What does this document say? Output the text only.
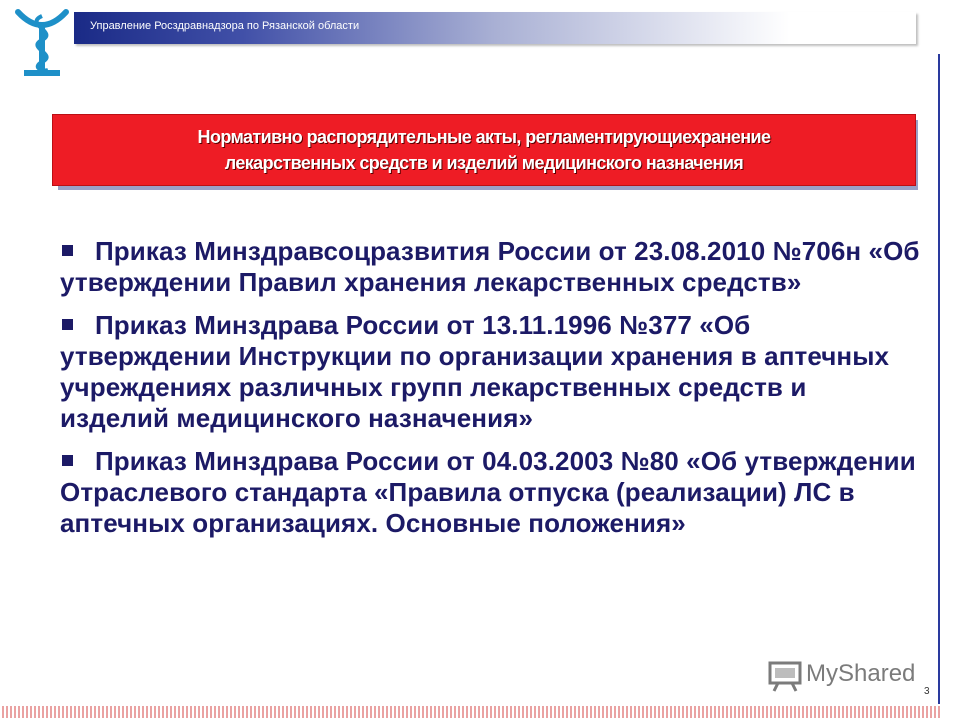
Управление Росздравнадзора по Рязанской области
Нормативно распорядительные акты, регламентирующиехранение
лекарственных средств и изделий медицинского назначения
Приказ Минздравсоцразвития России от 23.08.2010 №706н «Об утверждении Правил хранения лекарственных средств»
Приказ Минздрава России от 13.11.1996 №377 «Об утверждении Инструкции по организации хранения в аптечных учреждениях различных групп лекарственных средств и изделий медицинского назначения»
Приказ Минздрава России от 04.03.2003 №80 «Об утверждении Отраслевого стандарта «Правила отпуска (реализации) ЛС в аптечных организациях. Основные положения»
MyShared
3
